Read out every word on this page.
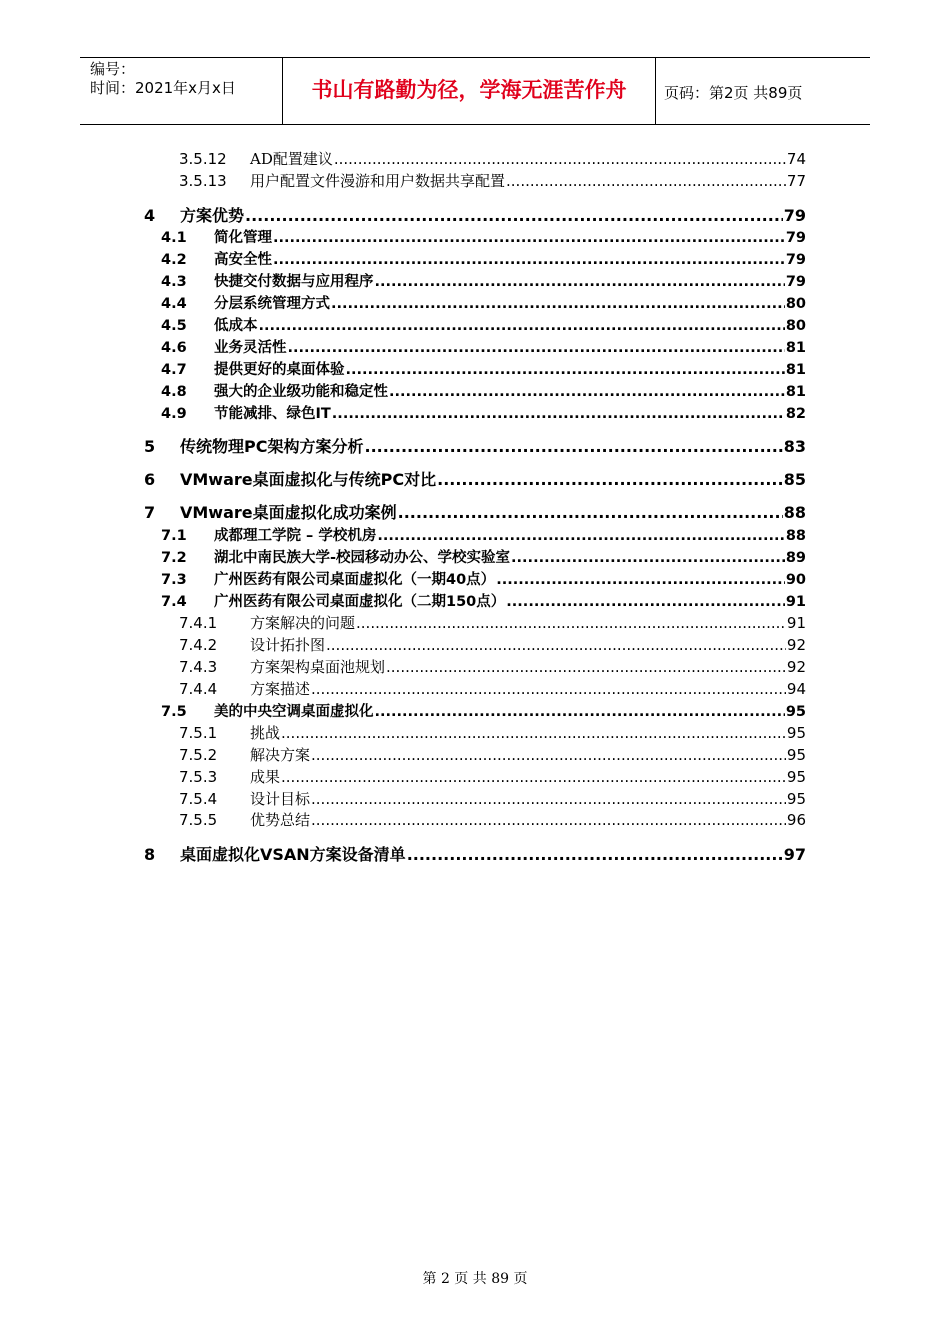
编号：
时间：2021年x月x日	书山有路勤为径，学海无涯苦作舟	页码：第2页 共89页
3.5.12	AD配置建议 .....	74
3.5.13	用户配置文件漫游和用户数据共享配置 .....	77
4	方案优势 .....	79
4.1	简化管理 .....	79
4.2	高安全性 .....	79
4.3	快捷交付数据与应用程序 .....	79
4.4	分层系统管理方式 .....	80
4.5	低成本 .....	80
4.6	业务灵活性 .....	81
4.7	提供更好的桌面体验 .....	81
4.8	强大的企业级功能和稳定性 .....	81
4.9	节能减排、绿色IT .....	82
5	传统物理PC架构方案分析 .....	83
6	VMware桌面虚拟化与传统PC对比 .....	85
7	VMware桌面虚拟化成功案例 .....	88
7.1	成都理工学院 – 学校机房 .....	88
7.2	湖北中南民族大学-校园移动办公、学校实验室 .....	89
7.3	广州医药有限公司桌面虚拟化（一期40点） .....	90
7.4	广州医药有限公司桌面虚拟化（二期150点） .....	91
7.4.1	方案解决的问题 .....	91
7.4.2	设计拓扑图 .....	92
7.4.3	方案架构桌面池规划 .....	92
7.4.4	方案描述 .....	94
7.5	美的中央空调桌面虚拟化 .....	95
7.5.1	挑战 .....	95
7.5.2	解决方案 .....	95
7.5.3	成果 .....	95
7.5.4	设计目标 .....	95
7.5.5	优势总结 .....	96
8	桌面虚拟化VSAN方案设备清单 .....	97
第 2 页 共 89 页
